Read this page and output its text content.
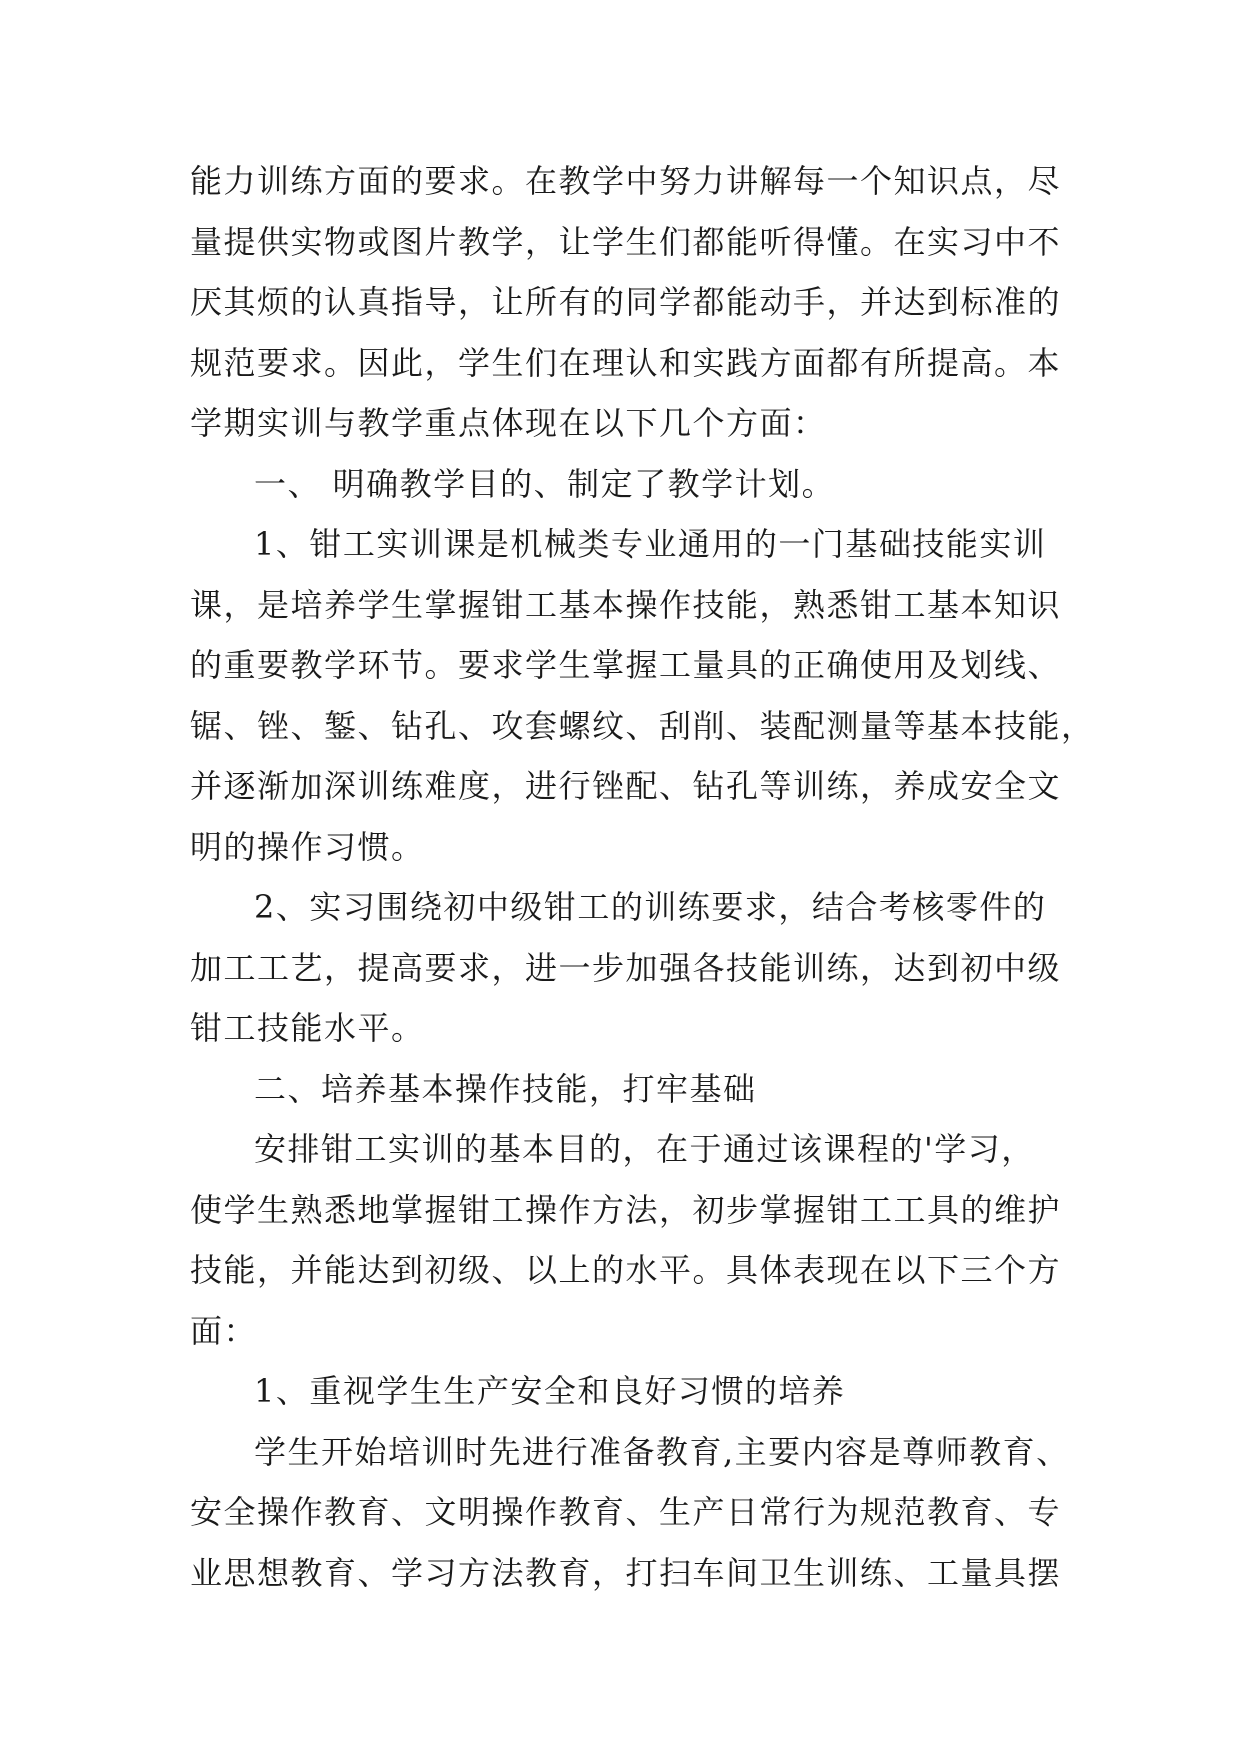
能力训练方面的要求。在教学中努力讲解每一个知识点，尽
量提供实物或图片教学，让学生们都能听得懂。在实习中不
厌其烦的认真指导，让所有的同学都能动手，并达到标准的
规范要求。因此，学生们在理认和实践方面都有所提高。本
学期实训与教学重点体现在以下几个方面：
一、 明确教学目的、制定了教学计划。
1、钳工实训课是机械类专业通用的一门基础技能实训
课，是培养学生掌握钳工基本操作技能，熟悉钳工基本知识
的重要教学环节。要求学生掌握工量具的正确使用及划线、
锯、锉、錾、钻孔、攻套螺纹、刮削、装配测量等基本技能，
并逐渐加深训练难度，进行锉配、钻孔等训练，养成安全文
明的操作习惯。
2、实习围绕初中级钳工的训练要求，结合考核零件的
加工工艺，提高要求，进一步加强各技能训练，达到初中级
钳工技能水平。
二、培养基本操作技能，打牢基础
安排钳工实训的基本目的，在于通过该课程的'学习，
使学生熟悉地掌握钳工操作方法，初步掌握钳工工具的维护
技能，并能达到初级、以上的水平。具体表现在以下三个方
面：
1、重视学生生产安全和良好习惯的培养
学生开始培训时先进行准备教育,主要内容是尊师教育、
安全操作教育、文明操作教育、生产日常行为规范教育、专
业思想教育、学习方法教育，打扫车间卫生训练、工量具摆
